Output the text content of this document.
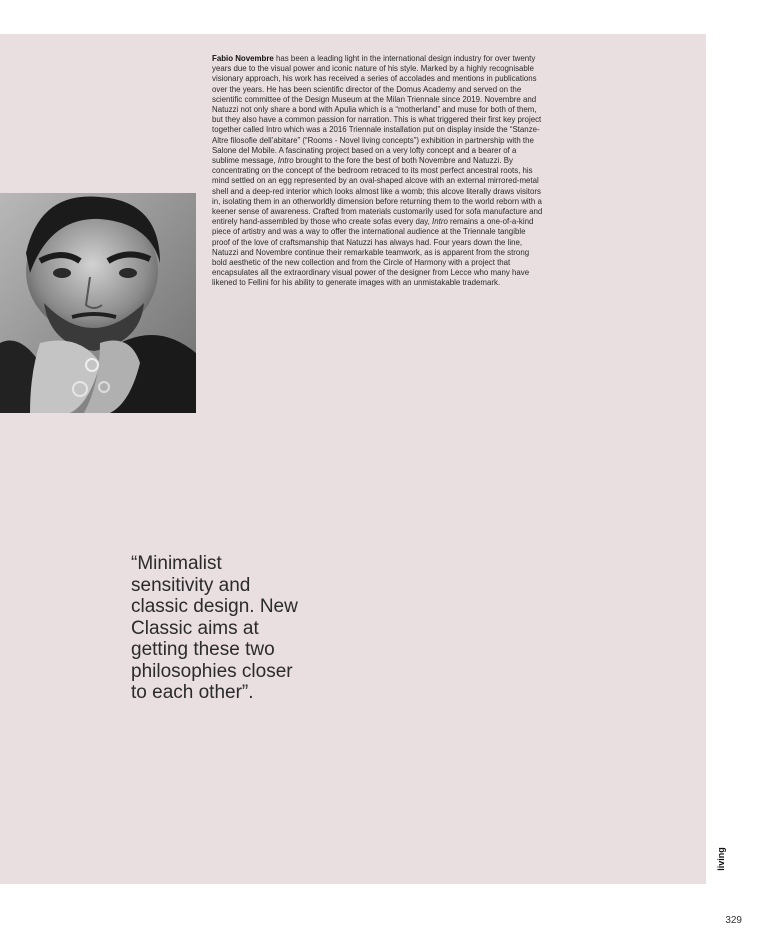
Fabio Novembre has been a leading light in the international design industry for over twenty years due to the visual power and iconic nature of his style. Marked by a highly recognisable visionary approach, his work has received a series of accolades and mentions in publications over the years. He has been scientific director of the Domus Academy and served on the scientific committee of the Design Museum at the Milan Triennale since 2019. Novembre and Natuzzi not only share a bond with Apulia which is a “motherland” and muse for both of them, but they also have a common passion for narration. This is what triggered their first key project together called Intro which was a 2016 Triennale installation put on display inside the “Stanze- Altre filosofie dell’abitare” (“Rooms - Novel living concepts”) exhibition in partnership with the Salone del Mobile. A fascinating project based on a very lofty concept and a bearer of a sublime message, Intro brought to the fore the best of both Novembre and Natuzzi. By concentrating on the concept of the bedroom retraced to its most perfect ancestral roots, his mind settled on an egg represented by an oval-shaped alcove with an external mirrored-metal shell and a deep-red interior which looks almost like a womb; this alcove literally draws visitors in, isolating them in an otherworldly dimension before returning them to the world reborn with a keener sense of awareness. Crafted from materials customarily used for sofa manufacture and entirely hand-assembled by those who create sofas every day, Intro remains a one-of-a-kind piece of artistry and was a way to offer the international audience at the Triennale tangible proof of the love of craftsmanship that Natuzzi has always had. Four years down the line, Natuzzi and Novembre continue their remarkable teamwork, as is apparent from the strong bold aesthetic of the new collection and from the Circle of Harmony with a project that encapsulates all the extraordinary visual power of the designer from Lecce who many have likened to Fellini for his ability to generate images with an unmistakable trademark.

“Minimalist sensitivity and classic design. New Classic aims at getting these two philosophies closer to each other”.

living
329
